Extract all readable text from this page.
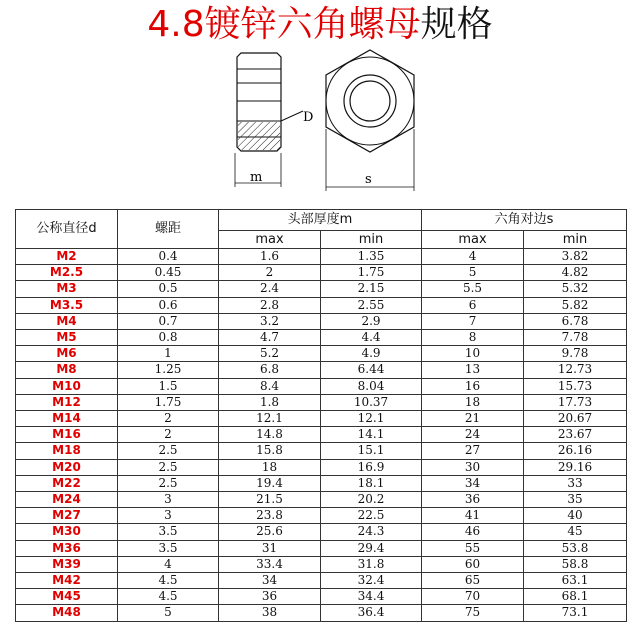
4.8镀锌六角螺母规格
D
m	s
公称直径d	螺距	头部厚度m		六角对边s	
		max	min	max	min
M2	0.4	1.6	1.35	4	3.82
M2.5	0.45	2	1.75	5	4.82
M3	0.5	2.4	2.15	5.5	5.32
M3.5	0.6	2.8	2.55	6	5.82
M4	0.7	3.2	2.9	7	6.78
M5	0.8	4.7	4.4	8	7.78
M6	1	5.2	4.9	10	9.78
M8	1.25	6.8	6.44	13	12.73
M10	1.5	8.4	8.04	16	15.73
M12	1.75	1.8	10.37	18	17.73
M14	2	12.1	12.1	21	20.67
M16	2	14.8	14.1	24	23.67
M18	2.5	15.8	15.1	27	26.16
M20	2.5	18	16.9	30	29.16
M22	2.5	19.4	18.1	34	33
M24	3	21.5	20.2	36	35
M27	3	23.8	22.5	41	40
M30	3.5	25.6	24.3	46	45
M36	3.5	31	29.4	55	53.8
M39	4	33.4	31.8	60	58.8
M42	4.5	34	32.4	65	63.1
M45	4.5	36	34.4	70	68.1
M48	5	38	36.4	75	73.1
